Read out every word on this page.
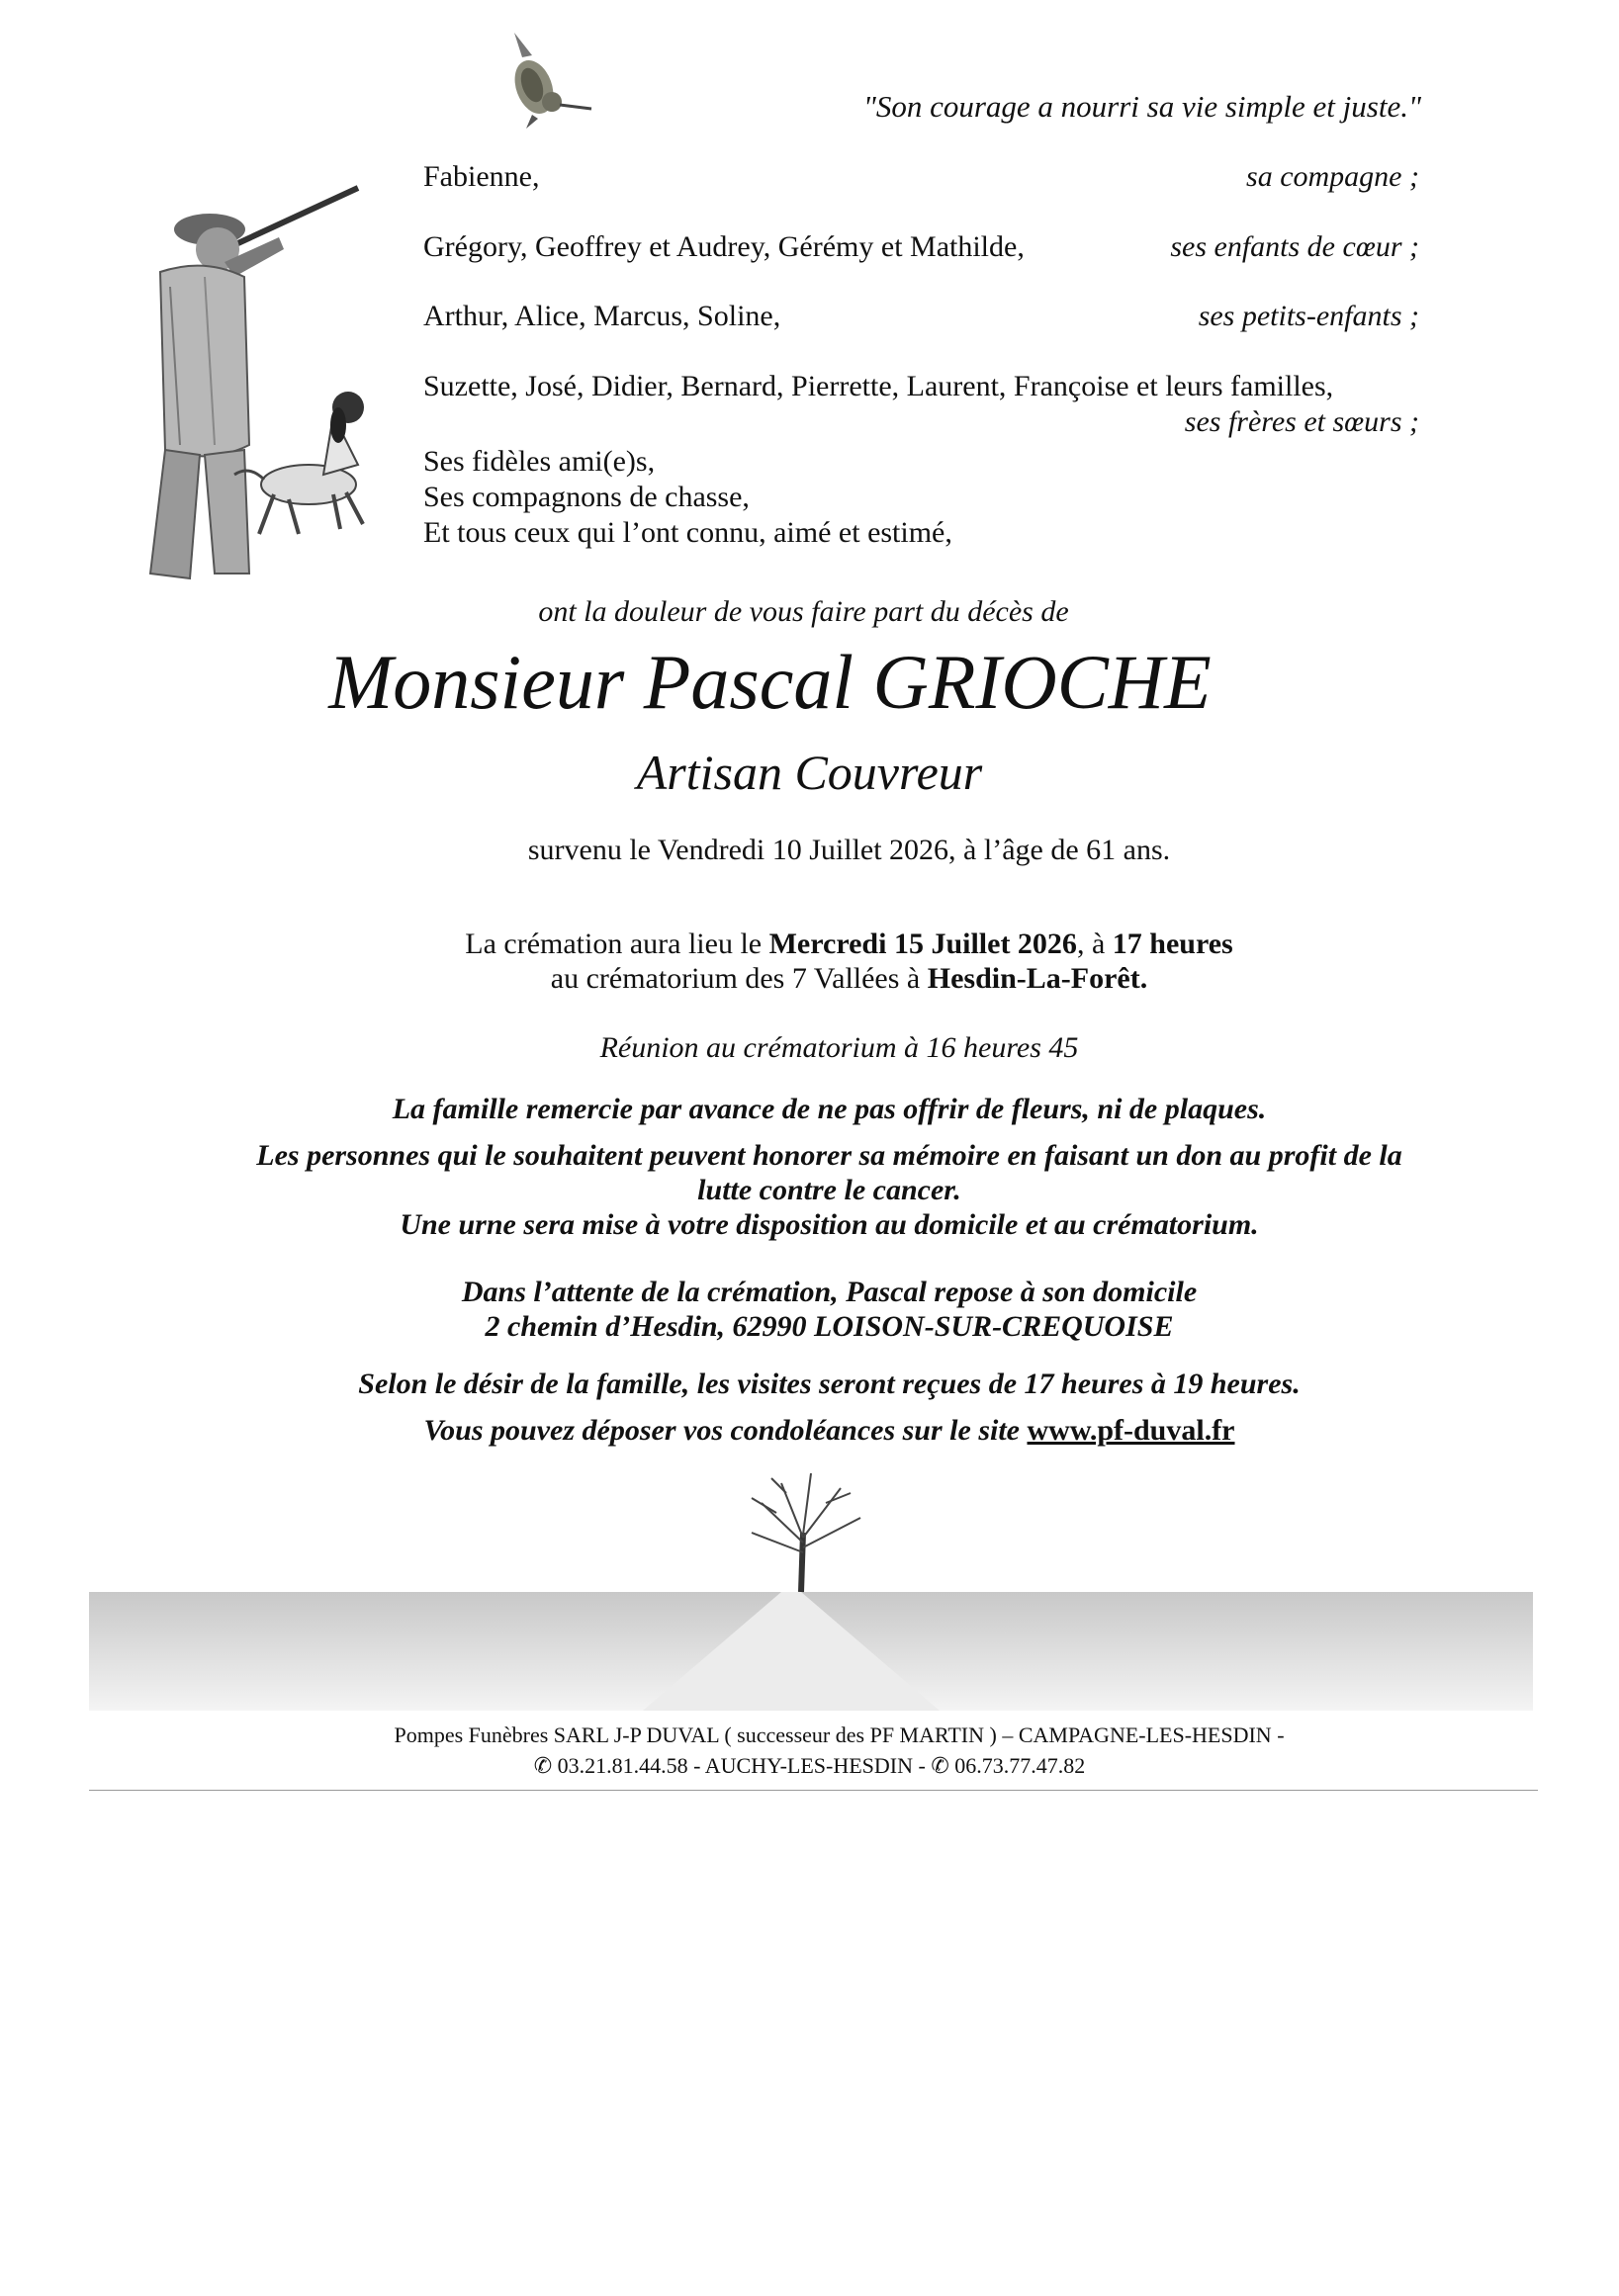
"Son courage a nourri sa vie simple et juste."
Fabienne,	sa compagne ;
Grégory, Geoffrey et Audrey, Gérémy et Mathilde,	ses enfants de cœur ;
Arthur, Alice, Marcus, Soline,	ses petits-enfants ;
Suzette, José, Didier, Bernard, Pierrette, Laurent, Françoise et leurs familles,
ses frères et sœurs ;
Ses fidèles ami(e)s,
Ses compagnons de chasse,
Et tous ceux qui l’ont connu, aimé et estimé,
ont la douleur de vous faire part du décès de
Monsieur Pascal GRIOCHE
Artisan Couvreur
survenu le Vendredi 10 Juillet 2026, à l’âge de 61 ans.
La crémation aura lieu le Mercredi 15 Juillet 2026, à 17 heures
au crématorium des 7 Vallées à Hesdin-La-Forêt.
Réunion au crématorium à 16 heures 45
La famille remercie par avance de ne pas offrir de fleurs, ni de plaques.
Les personnes qui le souhaitent peuvent honorer sa mémoire en faisant un don au profit de la
lutte contre le cancer.
Une urne sera mise à votre disposition au domicile et au crématorium.
Dans l’attente de la crémation, Pascal repose à son domicile
2 chemin d’Hesdin, 62990 LOISON-SUR-CREQUOISE
Selon le désir de la famille, les visites seront reçues de 17 heures à 19 heures.
Vous pouvez déposer vos condoléances sur le site www.pf-duval.fr
Pompes Funèbres SARL J-P DUVAL ( successeur des PF MARTIN ) – CAMPAGNE-LES-HESDIN -
✆ 03.21.81.44.58 - AUCHY-LES-HESDIN - ✆ 06.73.77.47.82
